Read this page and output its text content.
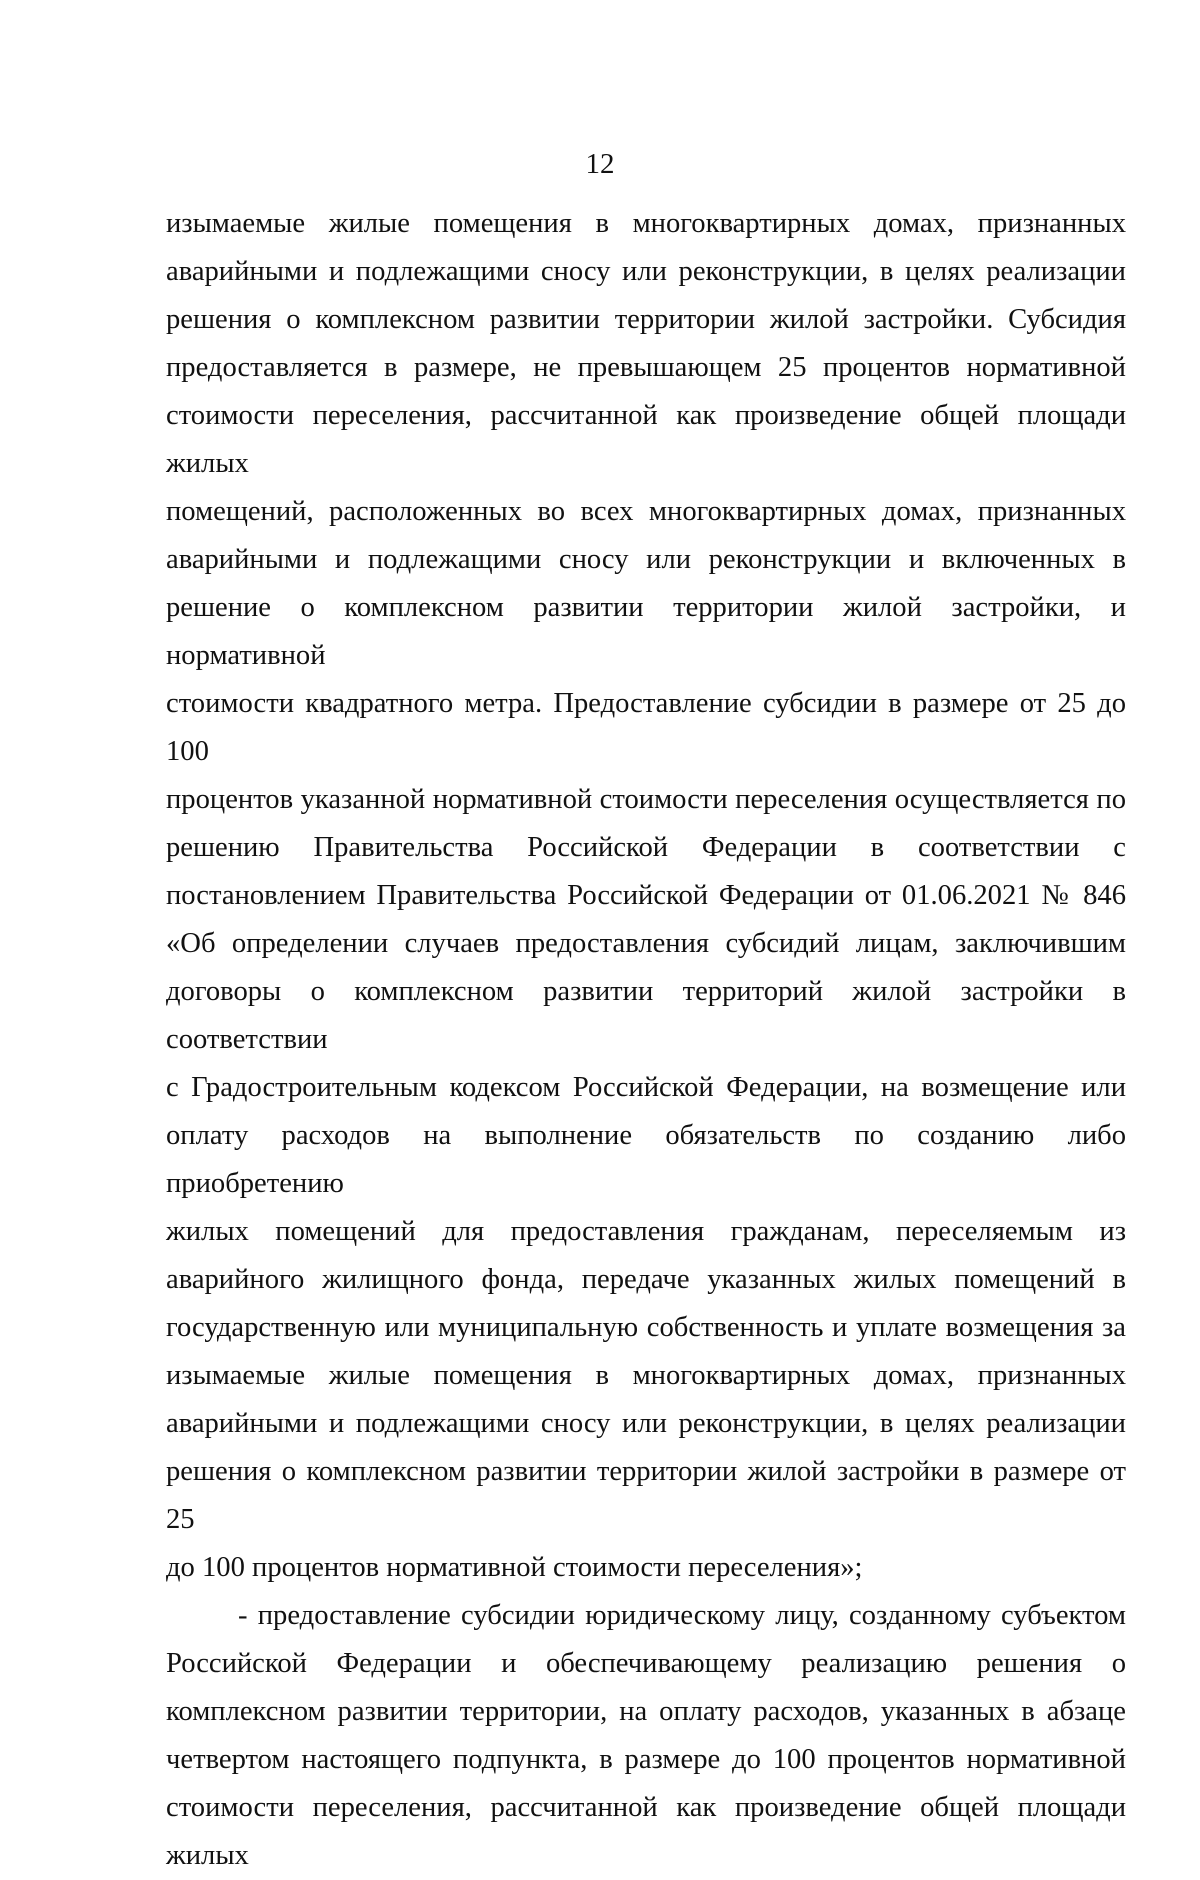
12

изымаемые жилые помещения в многоквартирных домах, признанных

аварийными и подлежащими сносу или реконструкции, в целях реализации

решения о комплексном развитии территории жилой застройки. Субсидия

предоставляется в размере, не превышающем 25 процентов нормативной

стоимости переселения, рассчитанной как произведение общей площади жилых

помещений, расположенных во всех многоквартирных домах, признанных

аварийными и подлежащими сносу или реконструкции и включенных в

решение о комплексном развитии территории жилой застройки, и нормативной

стоимости квадратного метра. Предоставление субсидии в размере от 25 до 100

процентов указанной нормативной стоимости переселения осуществляется по

решению Правительства Российской Федерации в соответствии с

постановлением Правительства Российской Федерации от 01.06.2021 № 846

«Об определении случаев предоставления субсидий лицам, заключившим

договоры о комплексном развитии территорий жилой застройки в соответствии

с Градостроительным кодексом Российской Федерации, на возмещение или

оплату расходов на выполнение обязательств по созданию либо приобретению

жилых помещений для предоставления гражданам, переселяемым из

аварийного жилищного фонда, передаче указанных жилых помещений в

государственную или муниципальную собственность и уплате возмещения за

изымаемые жилые помещения в многоквартирных домах, признанных

аварийными и подлежащими сносу или реконструкции, в целях реализации

решения о комплексном развитии территории жилой застройки в размере от 25

до 100 процентов нормативной стоимости переселения»;

- предоставление субсидии юридическому лицу, созданному субъектом

Российской Федерации и обеспечивающему реализацию решения о

комплексном развитии территории, на оплату расходов, указанных в абзаце

четвертом настоящего подпункта, в размере до 100 процентов нормативной

стоимости переселения, рассчитанной как произведение общей площади жилых
